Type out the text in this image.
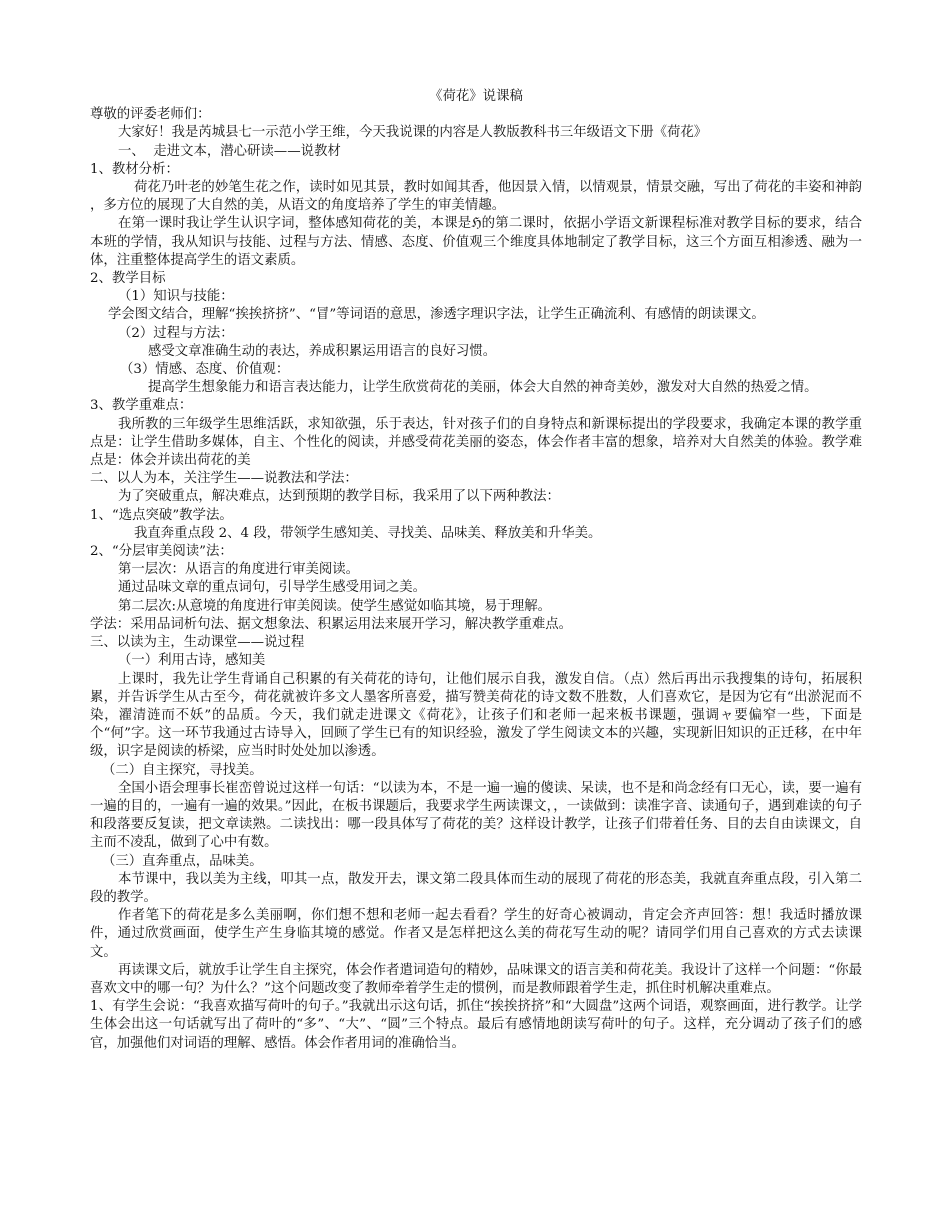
《荷花》说课稿

尊敬的评委老师们：

大家好！我是芮城县七一示范小学王维，今天我说课的内容是人教版教科书三年级语文下册《荷花》

一、  走进文本，潜心研读——说教材

1、教材分析：

荷花乃叶老的妙笔生花之作，读时如见其景，教时如闻其香，他因景入情，以情观景，情景交融，写出了荷花的丰姿和神韵 ，多方位的展现了大自然的美，从语文的角度培养了学生的审美情趣。

在第一课时我让学生认识字词，整体感知荷花的美，本课是ℌ的第二课时，依据小学语文新课程标准对教学目标的要求，结合本班的学情，我从知识与技能、过程与方法、情感、态度、价值观三个维度具体地制定了教学目标，这三个方面互相渗透、融为一体，注重整体提高学生的语文素质。

2、教学目标

（1）知识与技能：

学会图文结合，理解“挨挨挤挤”、“冒”等词语的意思，渗透字理识字法，让学生正确流利、有感情的朗读课文。

（2）过程与方法：

感受文章准确生动的表达，养成积累运用语言的良好习惯。

（3）情感、态度、价值观：

提高学生想象能力和语言表达能力，让学生欣赏荷花的美丽，体会大自然的神奇美妙，激发对大自然的热爱之情。

3、教学重难点：

我所教的三年级学生思维活跃，求知欲强，乐于表达，针对孩子们的自身特点和新课标提出的学段要求，我确定本课的教学重点是：让学生借助多媒体，自主、个性化的阅读，并感受荷花美丽的姿态，体会作者丰富的想象，培养对大自然美的体验。教学难点是：体会并读出荷花的美

二、以人为本，关注学生——说教法和学法：

为了突破重点，解决难点，达到预期的教学目标，我采用了以下两种教法：

1、“选点突破”教学法。

我直奔重点段 2、4 段，带领学生感知美、寻找美、品味美、释放美和升华美。

2、“分层审美阅读”法：

第一层次：从语言的角度进行审美阅读。

通过品味文章的重点词句，引导学生感受用词之美。

第二层次:从意境的角度进行审美阅读。使学生感觉如临其境，易于理解。

学法：采用品词析句法、据文想象法、积累运用法来展开学习，解决教学重难点。

三、以读为主，生动课堂——说过程

（一）利用古诗，感知美

上课时，我先让学生背诵自己积累的有关荷花的诗句，让他们展示自我，激发自信。（点）然后再出示我搜集的诗句，拓展积累，并告诉学生从古至今，荷花就被许多文人墨客所喜爱，描写赞美荷花的诗文数不胜数，人们喜欢它，是因为它有“出淤泥而不染，濯清涟而不妖”的品质。今天，我们就走进课文《荷花》，让孩子们和老师一起来板书课题，强调ャ要偏窄一些，下面是个“何”字。这一环节我通过古诗导入，回顾了学生已有的知识经验，激发了学生阅读文本的兴趣，实现新旧知识的正迁移，在中年级，识字是阅读的桥梁，应当时时处处加以渗透。

（二）自主探究，寻找美。

全国小语会理事长崔峦曾说过这样一句话：“以读为本，不是一遍一遍的傻读、呆读，也不是和尚念经有口无心，读，要一遍有一遍的目的，一遍有一遍的效果。”因此，在板书课题后，我要求学生两读课文，，一读做到：读准字音、读通句子，遇到难读的句子和段落要反复读，把文章读熟。二读找出：哪一段具体写了荷花的美？这样设计教学，让孩子们带着任务、目的去自由读课文，自主而不凌乱，做到了心中有数。

（三）直奔重点，品味美。

本节课中，我以美为主线，叩其一点，散发开去，课文第二段具体而生动的展现了荷花的形态美，我就直奔重点段，引入第二段的教学。

作者笔下的荷花是多么美丽啊，你们想不想和老师一起去看看？学生的好奇心被调动，肯定会齐声回答：想！我适时播放课件，通过欣赏画面，使学生产生身临其境的感觉。作者又是怎样把这么美的荷花写生动的呢？请同学们用自己喜欢的方式去读课文。

再读课文后，就放手让学生自主探究，体会作者遣词造句的精妙，品味课文的语言美和荷花美。我设计了这样一个问题：“你最喜欢文中的哪一句？为什么？”这个问题改变了教师牵着学生走的惯例，而是教师跟着学生走，抓住时机解决重难点。

1、有学生会说：“我喜欢描写荷叶的句子。”我就出示这句话，抓住“挨挨挤挤”和“大圆盘”这两个词语，观察画面，进行教学。让学生体会出这一句话就写出了荷叶的“多”、“大”、“圆”三个特点。最后有感情地朗读写荷叶的句子。这样，充分调动了孩子们的感官，加强他们对词语的理解、感悟。体会作者用词的准确恰当。
